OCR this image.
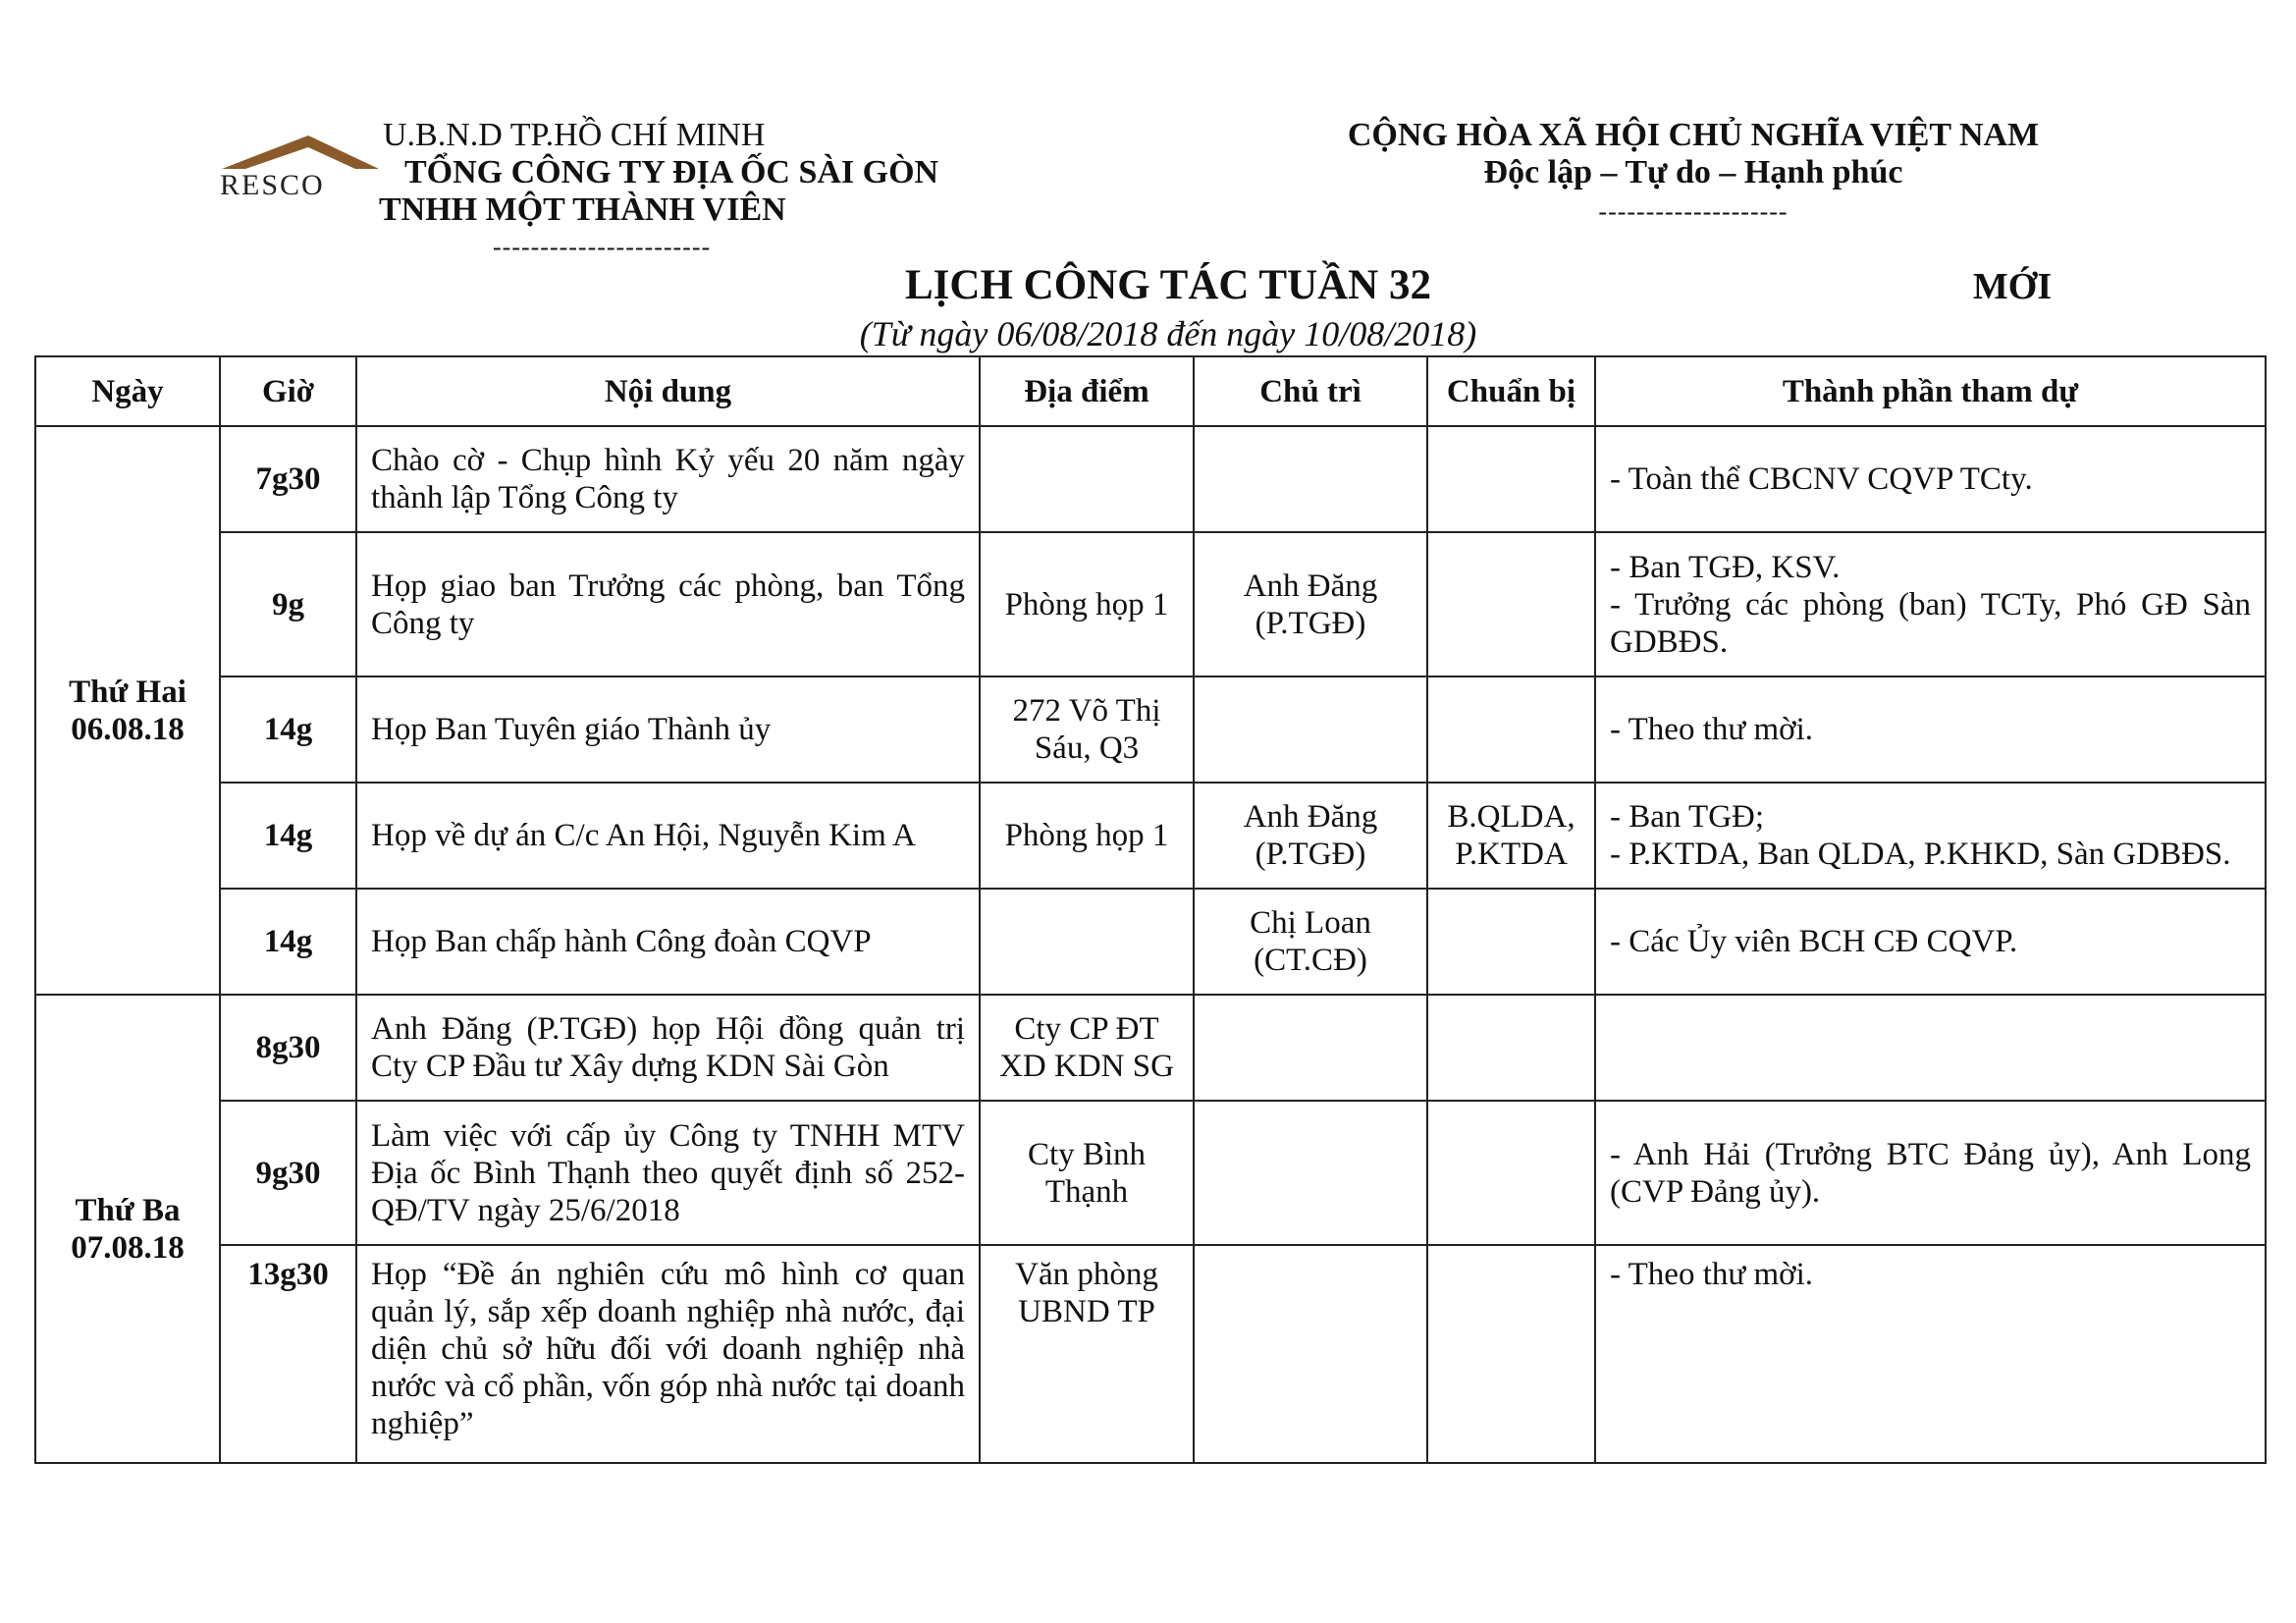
RESCO
U.B.N.D TP.HỒ CHÍ MINH
TỔNG CÔNG TY ĐỊA ỐC SÀI GÒN
TNHH MỘT THÀNH VIÊN
-----------------------
CỘNG HÒA XÃ HỘI CHỦ NGHĨA VIỆT NAM
Độc lập – Tự do – Hạnh phúc
--------------------
LỊCH CÔNG TÁC TUẦN 32	MỚI
(Từ ngày 06/08/2018 đến ngày 10/08/2018)
Ngày	Giờ	Nội dung	Địa điểm	Chủ trì	Chuẩn bị	Thành phần tham dự

Thứ Hai
06.08.18	7g30	Chào cờ - Chụp hình Kỷ yếu 20 năm ngày thành lập Tổng Công ty				- Toàn thể CBCNV CQVP TCty.

	9g	Họp giao ban Trưởng các phòng, ban Tổng Công ty	Phòng họp 1	Anh Đăng (P.TGĐ)		- Ban TGĐ, KSV.
- Trưởng các phòng (ban) TCTy, Phó GĐ Sàn GDBĐS.

	14g	Họp Ban Tuyên giáo Thành ủy	272 Võ Thị Sáu, Q3			- Theo thư mời.

	14g	Họp về dự án C/c An Hội, Nguyễn Kim A	Phòng họp 1	Anh Đăng (P.TGĐ)	B.QLDA, P.KTDA	- Ban TGĐ;
- P.KTDA, Ban QLDA, P.KHKD, Sàn GDBĐS.

	14g	Họp Ban chấp hành Công đoàn CQVP		Chị Loan (CT.CĐ)		- Các Ủy viên BCH CĐ CQVP.

Thứ Ba
07.08.18	8g30	Anh Đăng (P.TGĐ) họp Hội đồng quản trị Cty CP Đầu tư Xây dựng KDN Sài Gòn	Cty CP ĐT XD KDN SG			

	9g30	Làm việc với cấp ủy Công ty TNHH MTV Địa ốc Bình Thạnh theo quyết định số 252-QĐ/TV ngày 25/6/2018	Cty Bình Thạnh			- Anh Hải (Trưởng BTC Đảng ủy), Anh Long (CVP Đảng ủy).

	13g30	Họp “Đề án nghiên cứu mô hình cơ quan quản lý, sắp xếp doanh nghiệp nhà nước, đại diện chủ sở hữu đối với doanh nghiệp nhà nước và cổ phần, vốn góp nhà nước tại doanh nghiệp”	Văn phòng UBND TP			- Theo thư mời.
